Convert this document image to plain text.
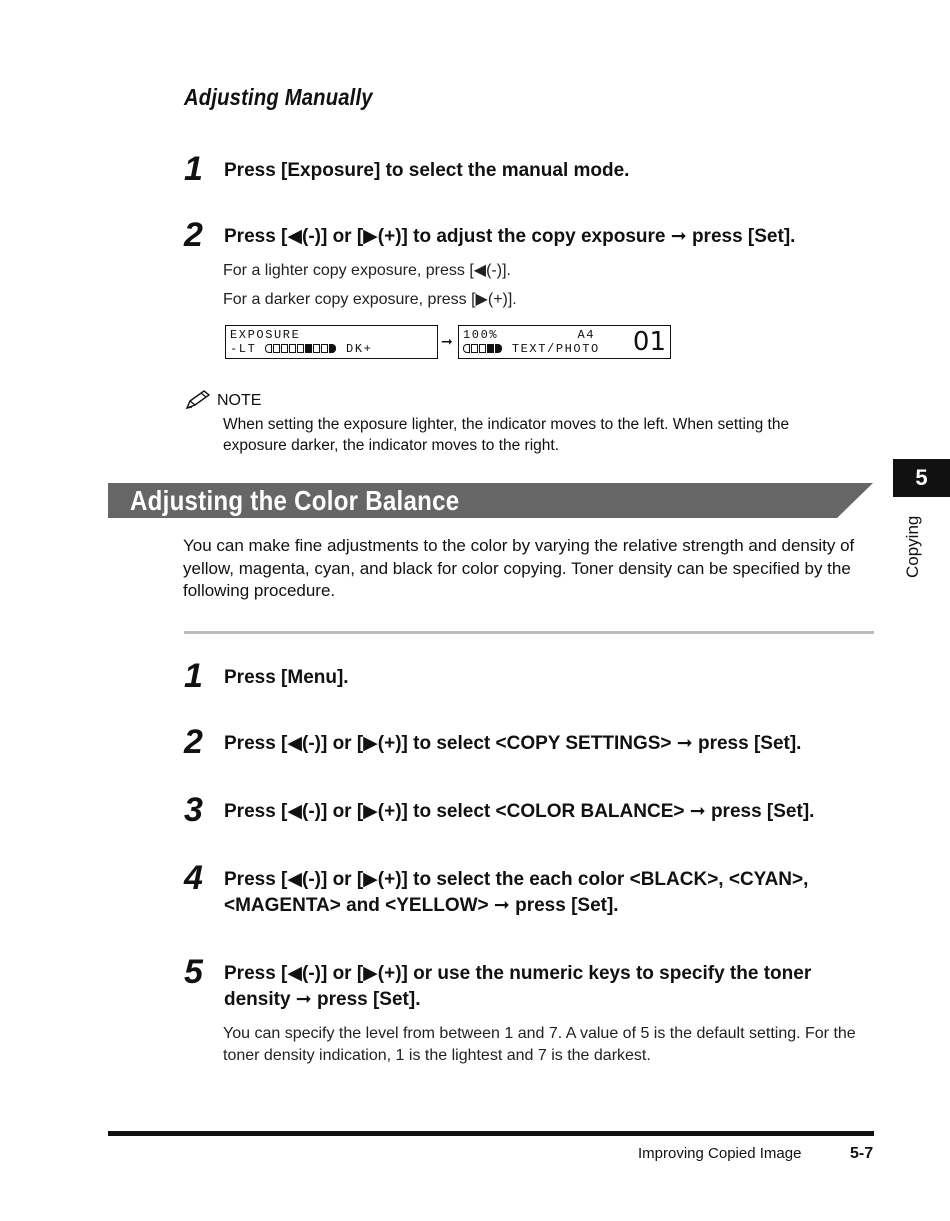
Adjusting Manually
1 Press [Exposure] to select the manual mode.
2 Press [◀(-)] or [▶(+)] to adjust the copy exposure ➞ press [Set].
For a lighter copy exposure, press [◀(-)].
For a darker copy exposure, press [▶(+)].
EXPOSURE
-LT	DK+	➞ 100%	A4
TEXT/PHOTO 01
NOTE
When setting the exposure lighter, the indicator moves to the left. When setting the exposure darker, the indicator moves to the right.
Adjusting the Color Balance
You can make fine adjustments to the color by varying the relative strength and density of yellow, magenta, cyan, and black for color copying. Toner density can be specified by the following procedure.
1 Press [Menu].
2 Press [◀(-)] or [▶(+)] to select <COPY SETTINGS> ➞ press [Set].
3 Press [◀(-)] or [▶(+)] to select <COLOR BALANCE> ➞ press [Set].
4 Press [◀(-)] or [▶(+)] to select the each color <BLACK>, <CYAN>, <MAGENTA> and <YELLOW> ➞ press [Set].
5 Press [◀(-)] or [▶(+)] or use the numeric keys to specify the toner density ➞ press [Set].
You can specify the level from between 1 and 7. A value of 5 is the default setting. For the toner density indication, 1 is the lightest and 7 is the darkest.
5
Copying
Improving Copied Image	5-7
